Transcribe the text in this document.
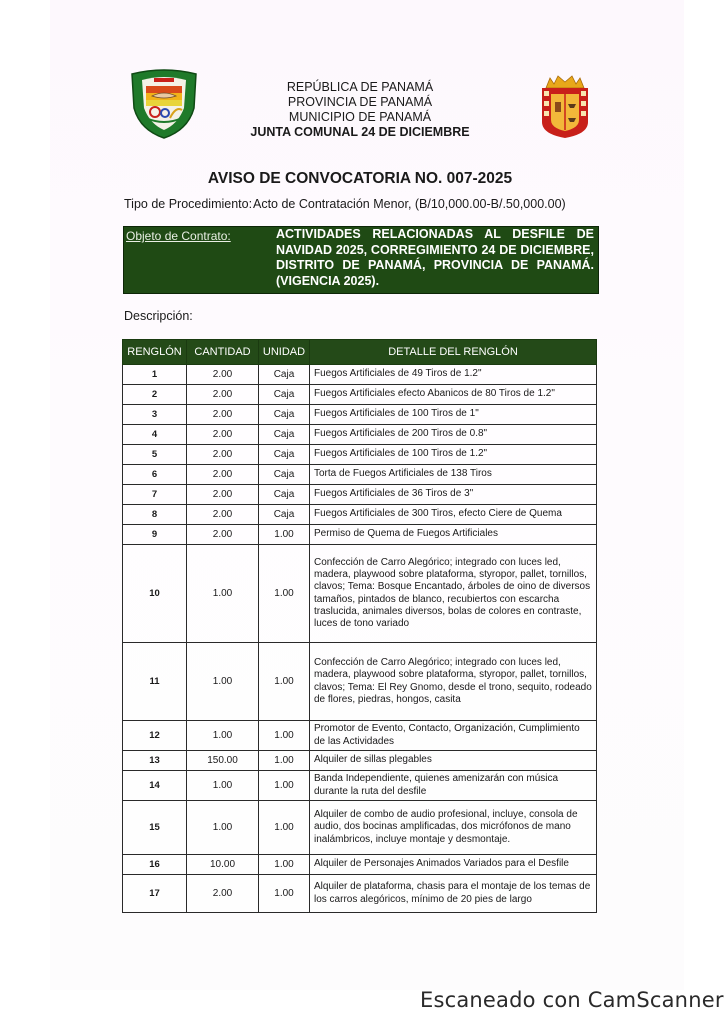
REPÚBLICA DE PANAMÁ
PROVINCIA DE PANAMÁ
MUNICIPIO DE PANAMÁ
JUNTA COMUNAL 24 DE DICIEMBRE
AVISO DE CONVOCATORIA NO. 007-2025
Tipo de Procedimiento: Acto de Contratación Menor, (B/10,000.00-B/.50,000.00)
Objeto de Contrato:	ACTIVIDADES RELACIONADAS AL DESFILE DE NAVIDAD 2025, CORREGIMIENTO 24 DE DICIEMBRE, DISTRITO DE PANAMÁ, PROVINCIA DE PANAMÁ. (VIGENCIA 2025).
Descripción:
RENGLÓN	CANTIDAD	UNIDAD	DETALLE DEL RENGLÓN
1	2.00	Caja	Fuegos Artificiales de 49 Tiros de 1.2"
2	2.00	Caja	Fuegos Artificiales efecto Abanicos de 80 Tiros de 1.2"
3	2.00	Caja	Fuegos Artificiales de 100 Tiros de 1"
4	2.00	Caja	Fuegos Artificiales de 200 Tiros de 0.8"
5	2.00	Caja	Fuegos Artificiales de 100 Tiros de 1.2"
6	2.00	Caja	Torta de Fuegos Artificiales de 138 Tiros
7	2.00	Caja	Fuegos Artificiales de 36 Tiros de 3"
8	2.00	Caja	Fuegos Artificiales de 300 Tiros, efecto Ciere de Quema
9	2.00	1.00	Permiso de Quema de Fuegos Artificiales
10	1.00	1.00	Confección de Carro Alegórico; integrado con luces led, madera, playwood sobre plataforma, styropor, pallet, tornillos, clavos; Tema: Bosque Encantado, árboles de oino de diversos tamaños, pintados de blanco, recubiertos con escarcha traslucida, animales diversos, bolas de colores en contraste, luces de tono variado
11	1.00	1.00	Confección de Carro Alegórico; integrado con luces led, madera, playwood sobre plataforma, styropor, pallet, tornillos, clavos; Tema: El Rey Gnomo, desde el trono, sequito, rodeado de flores, piedras, hongos, casita
12	1.00	1.00	Promotor de Evento, Contacto, Organización, Cumplimiento de las Actividades
13	150.00	1.00	Alquiler de sillas plegables
14	1.00	1.00	Banda Independiente, quienes amenizarán con música durante la ruta del desfile
15	1.00	1.00	Alquiler de combo de audio profesional, incluye, consola de audio, dos bocinas amplificadas, dos micrófonos de mano inalámbricos, incluye montaje y desmontaje.
16	10.00	1.00	Alquiler de Personajes Animados Variados para el Desfile
17	2.00	1.00	Alquiler de plataforma, chasis para el montaje de los temas de los carros alegóricos, mínimo de 20 pies de largo
Escaneado con CamScanner
